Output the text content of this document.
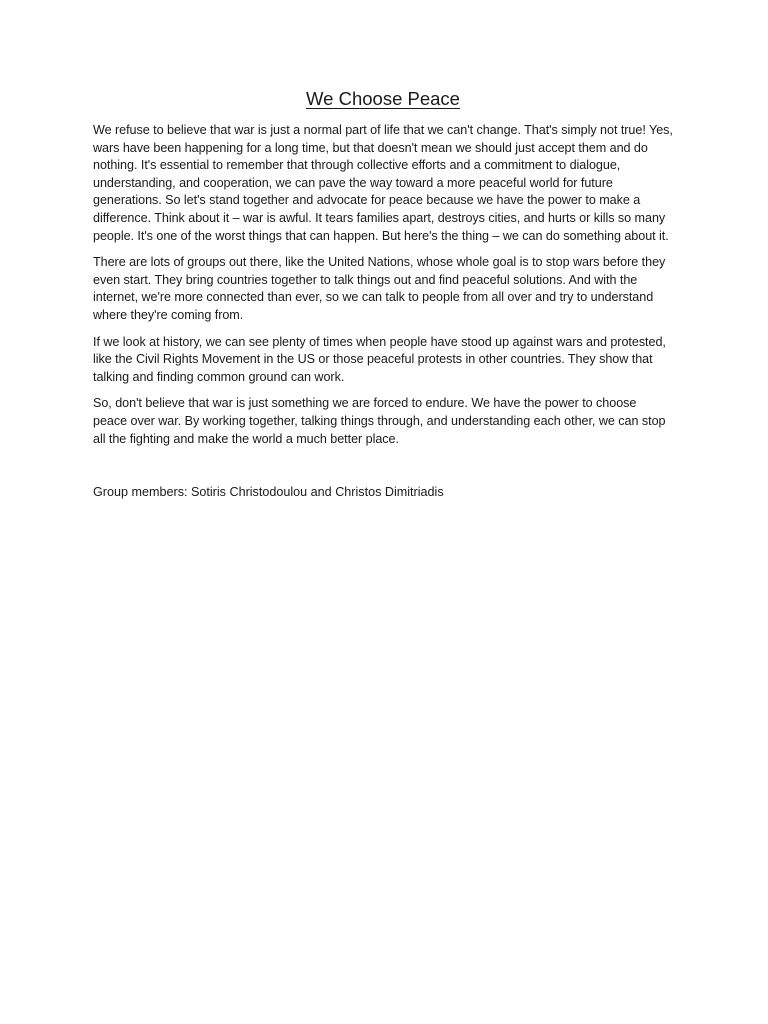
We Choose Peace

We refuse to believe that war is just a normal part of life that we can't change. That's simply not true! Yes, wars have been happening for a long time, but that doesn't mean we should just accept them and do nothing. It's essential to remember that through collective efforts and a commitment to dialogue, understanding, and cooperation, we can pave the way toward a more peaceful world for future generations. So let's stand together and advocate for peace because we have the power to make a difference. Think about it – war is awful. It tears families apart, destroys cities, and hurts or kills so many people. It's one of the worst things that can happen. But here's the thing – we can do something about it.

There are lots of groups out there, like the United Nations, whose whole goal is to stop wars before they even start. They bring countries together to talk things out and find peaceful solutions. And with the internet, we're more connected than ever, so we can talk to people from all over and try to understand where they're coming from.

If we look at history, we can see plenty of times when people have stood up against wars and protested, like the Civil Rights Movement in the US or those peaceful protests in other countries. They show that talking and finding common ground can work.

So, don't believe that war is just something we are forced to endure. We have the power to choose peace over war. By working together, talking things through, and understanding each other, we can stop all the fighting and make the world a much better place.

Group members: Sotiris Christodoulou and Christos Dimitriadis
